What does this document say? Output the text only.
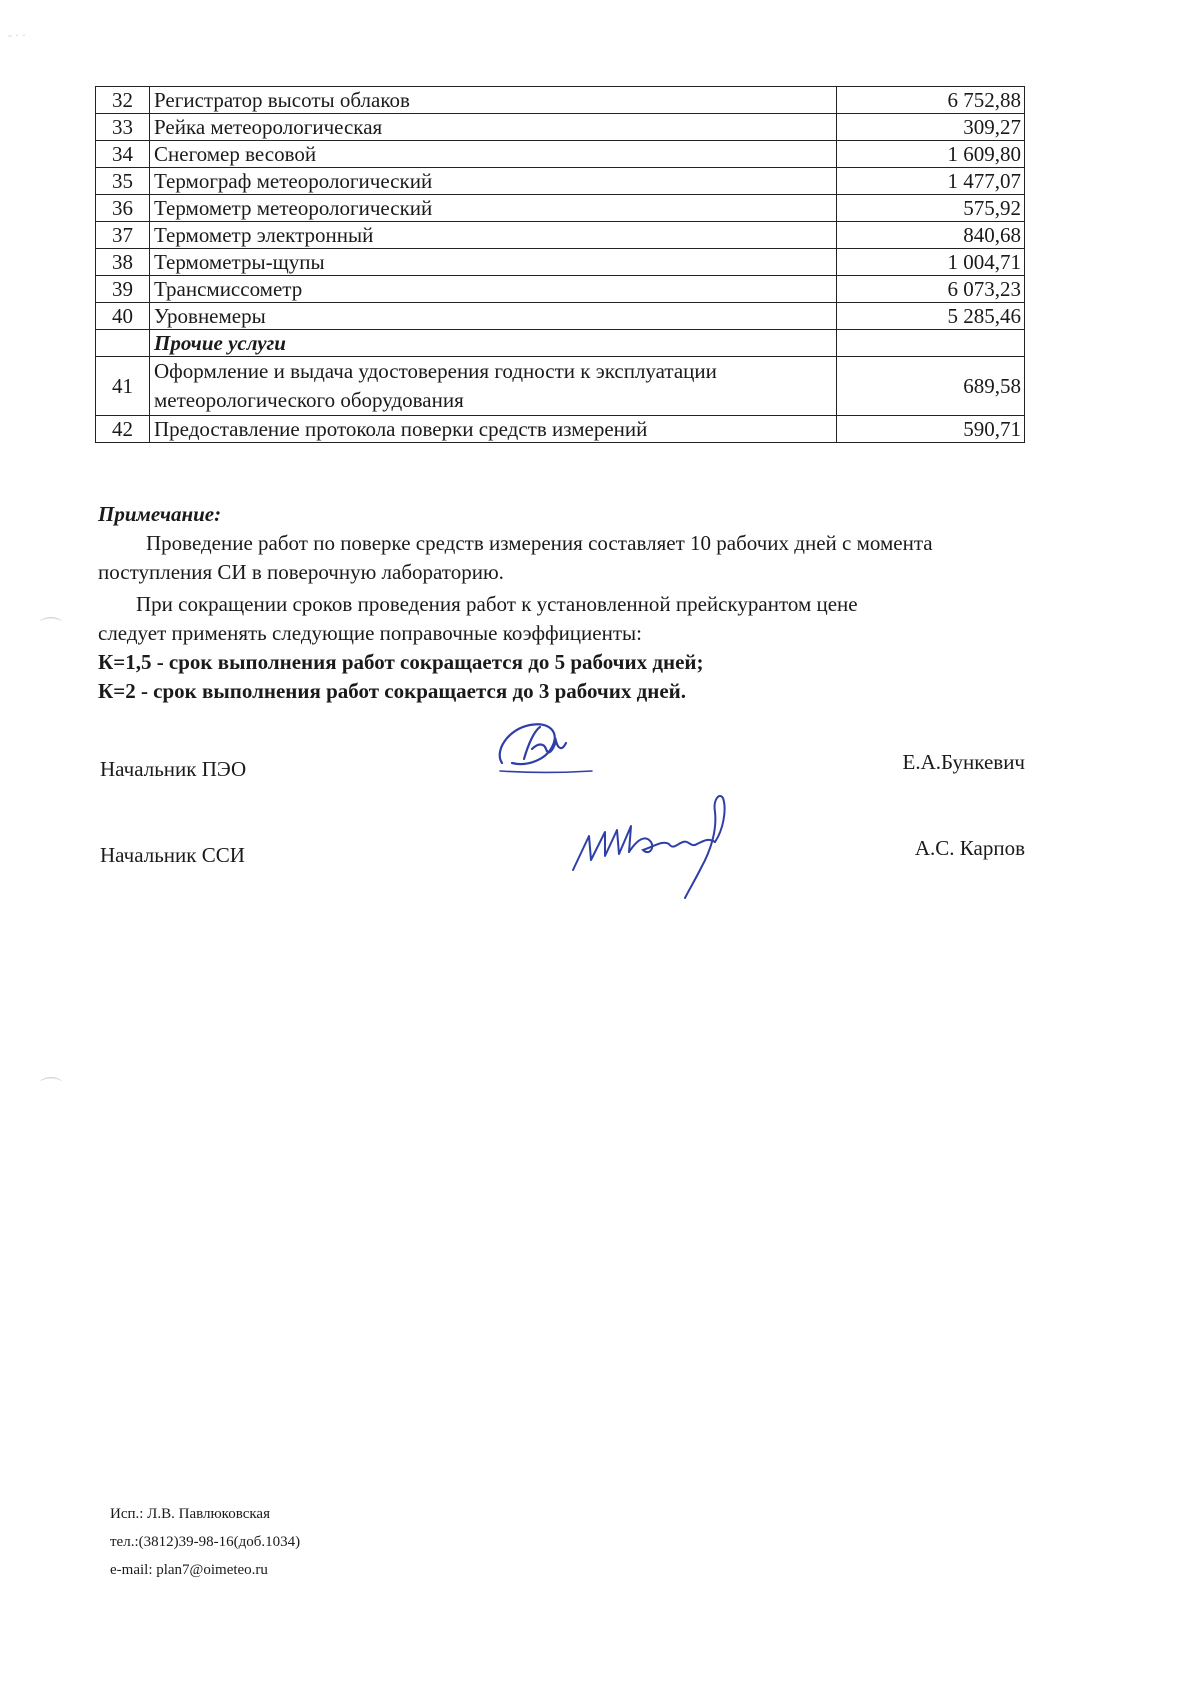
- · ·
32	Регистратор высоты облаков	6 752,88
33	Рейка метеорологическая	309,27
34	Снегомер весовой	1 609,80
35	Термограф метеорологический	1 477,07
36	Термометр метеорологический	575,92
37	Термометр электронный	840,68
38	Термометры-щупы	1 004,71
39	Трансмиссометр	6 073,23
40	Уровнемеры	5 285,46
	Прочие услуги	
41	Оформление и выдача удостоверения годности к эксплуатации
метеорологического оборудования	689,58
42	Предоставление протокола поверки средств измерений	590,71
Примечание:

Проведение работ по поверке средств измерения составляет 10 рабочих дней с момента

поступления СИ в поверочную лабораторию.

При сокращении сроков проведения работ к установленной прейскурантом цене

следует применять следующие поправочные коэффициенты:

К=1,5 - срок выполнения работ сокращается до 5 рабочих дней;

К=2 - срок выполнения работ сокращается до 3 рабочих дней.

Начальник ПЭО	Е.А.Бункевич
Начальник ССИ	А.С. Карпов
Исп.: Л.В. Павлюковская
тел.:(3812)39-98-16(доб.1034)
e-mail: plan7@oimeteo.ru
⌒
⌒
